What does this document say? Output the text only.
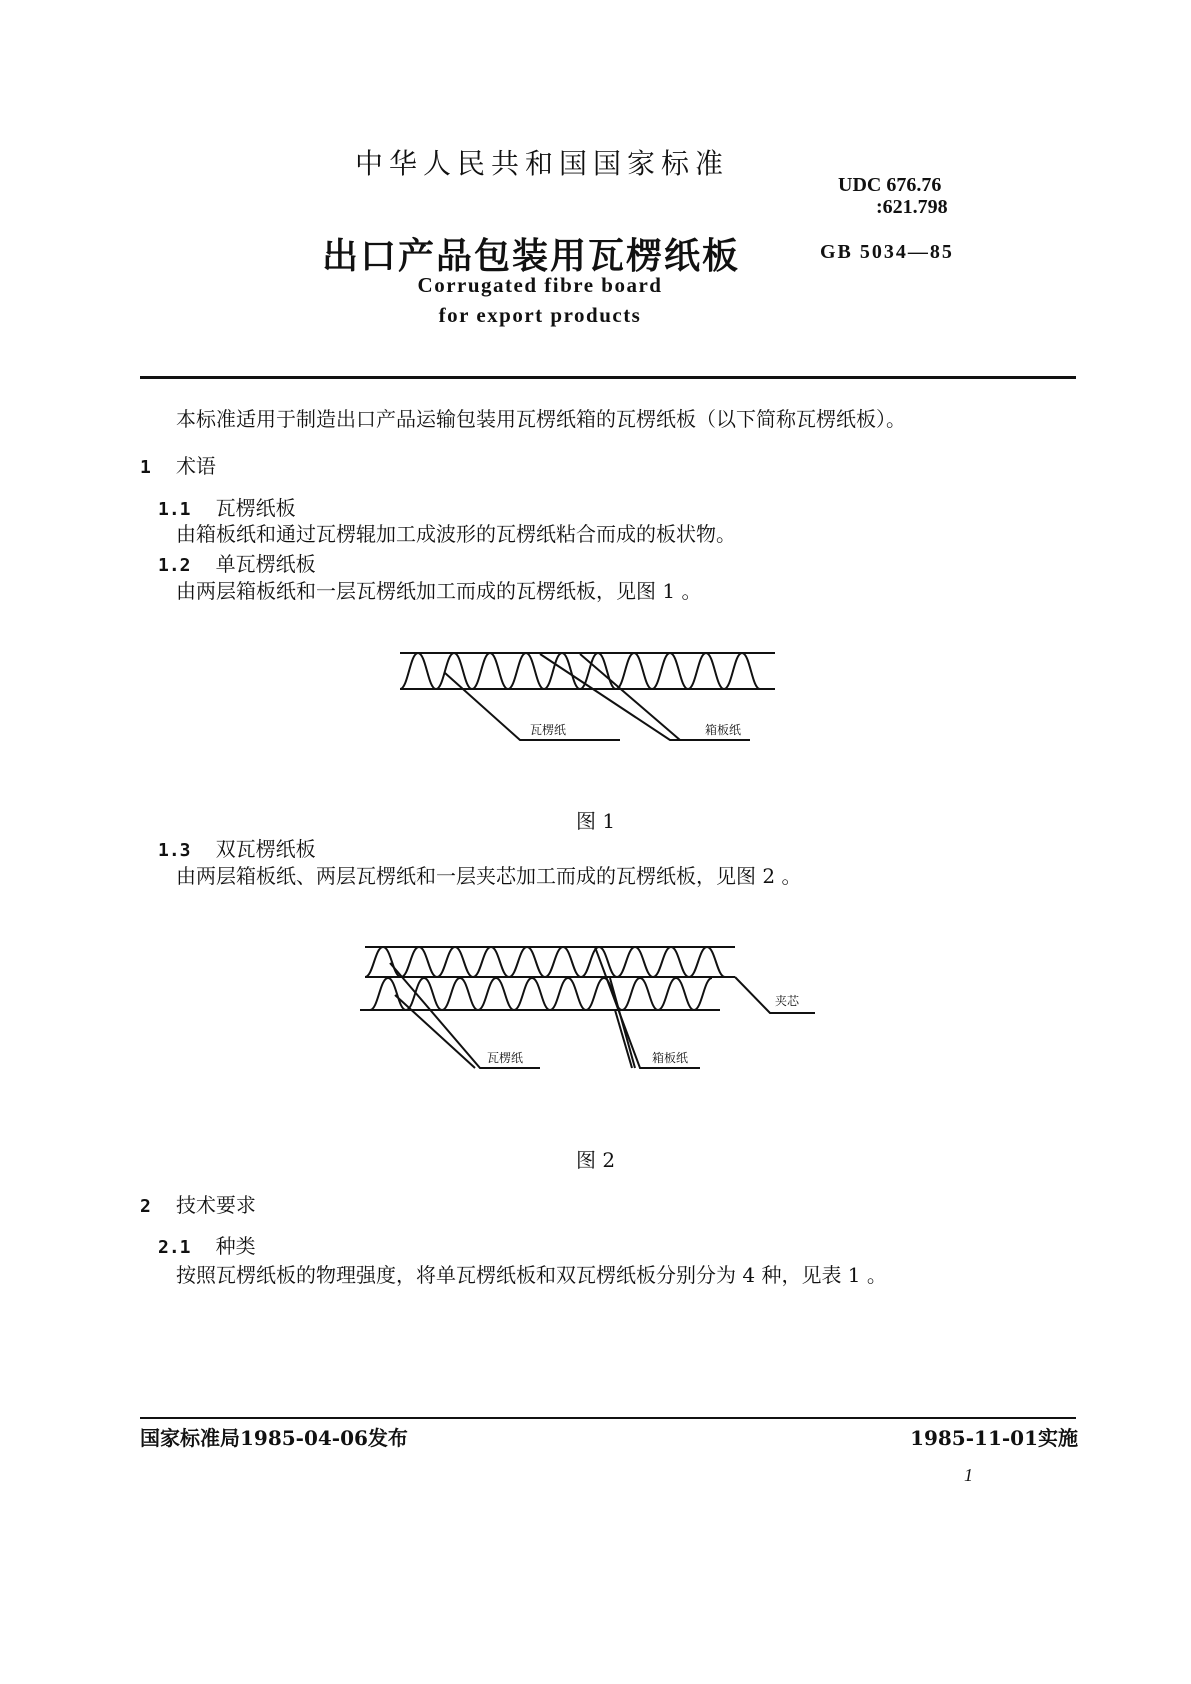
中华人民共和国国家标准
UDC 676.76
:621.798
出口产品包装用瓦楞纸板	GB 5034—85
Corrugated fibre board
for export products
本标准适用于制造出口产品运输包装用瓦楞纸箱的瓦楞纸板（以下简称瓦楞纸板）。
1 术语
1.1 瓦楞纸板
由箱板纸和通过瓦楞辊加工成波形的瓦楞纸粘合而成的板状物。
1.2 单瓦楞纸板
由两层箱板纸和一层瓦楞纸加工而成的瓦楞纸板，见图 1 。
瓦楞纸	箱板纸
图 1
1.3 双瓦楞纸板
由两层箱板纸、两层瓦楞纸和一层夹芯加工而成的瓦楞纸板，见图 2 。
夹芯
瓦楞纸	箱板纸
图 2
2 技术要求
2.1 种类
按照瓦楞纸板的物理强度，将单瓦楞纸板和双瓦楞纸板分别分为 4 种，见表 1 。
国家标准局1985-04-06发布	1985-11-01实施
1
